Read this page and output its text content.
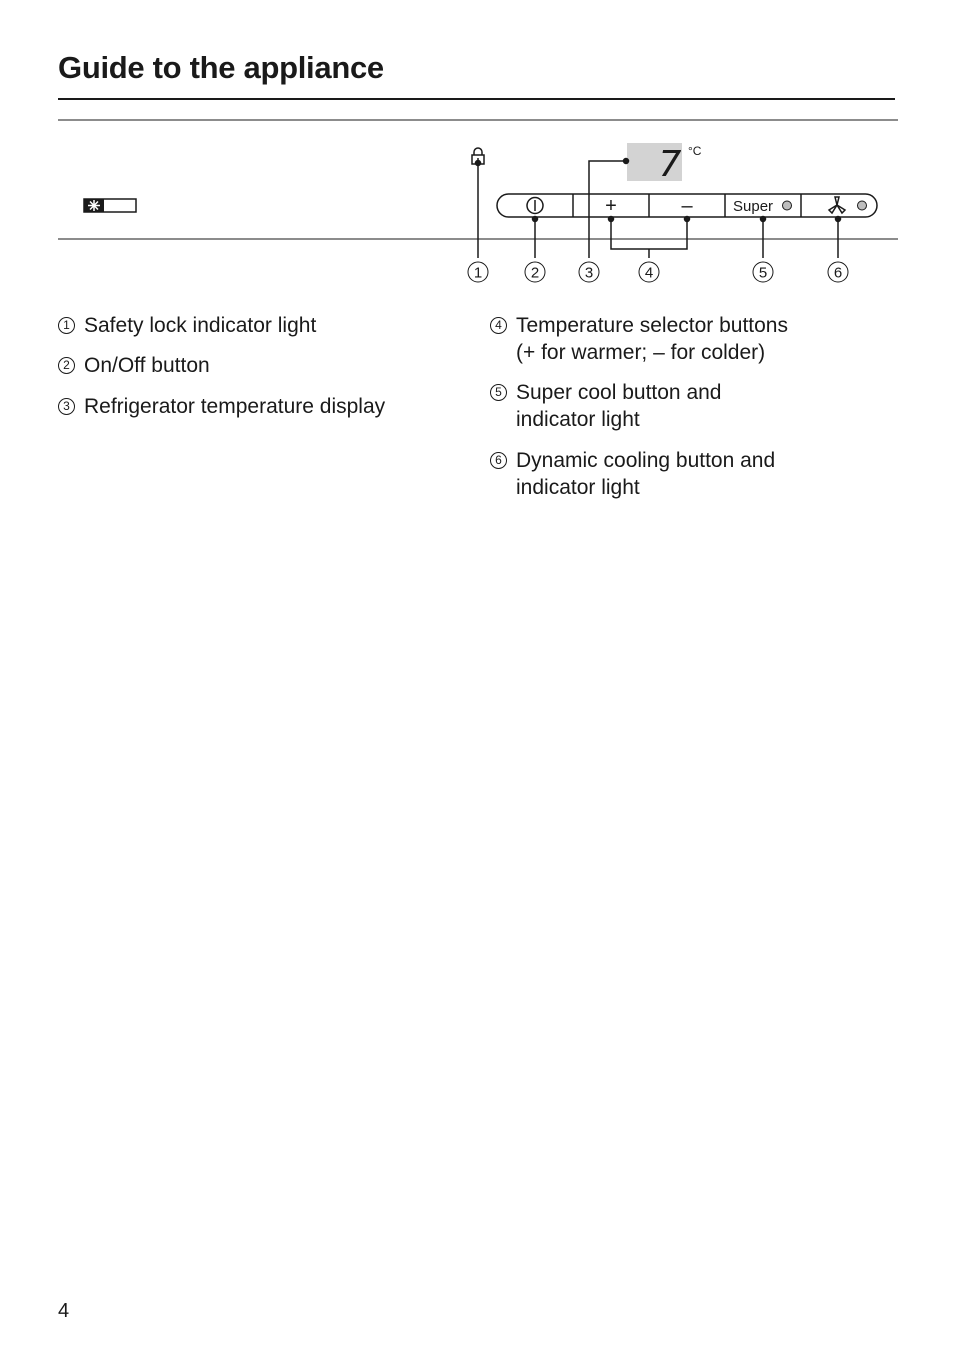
Guide to the appliance
7 °C
+	–	Super
1	2	3	4	5	6
1 Safety lock indicator light
2 On/Off button
3 Refrigerator temperature display
4 Temperature selector buttons
(+ for warmer; – for colder)
5 Super cool button and
indicator light
6 Dynamic cooling button and
indicator light
4
